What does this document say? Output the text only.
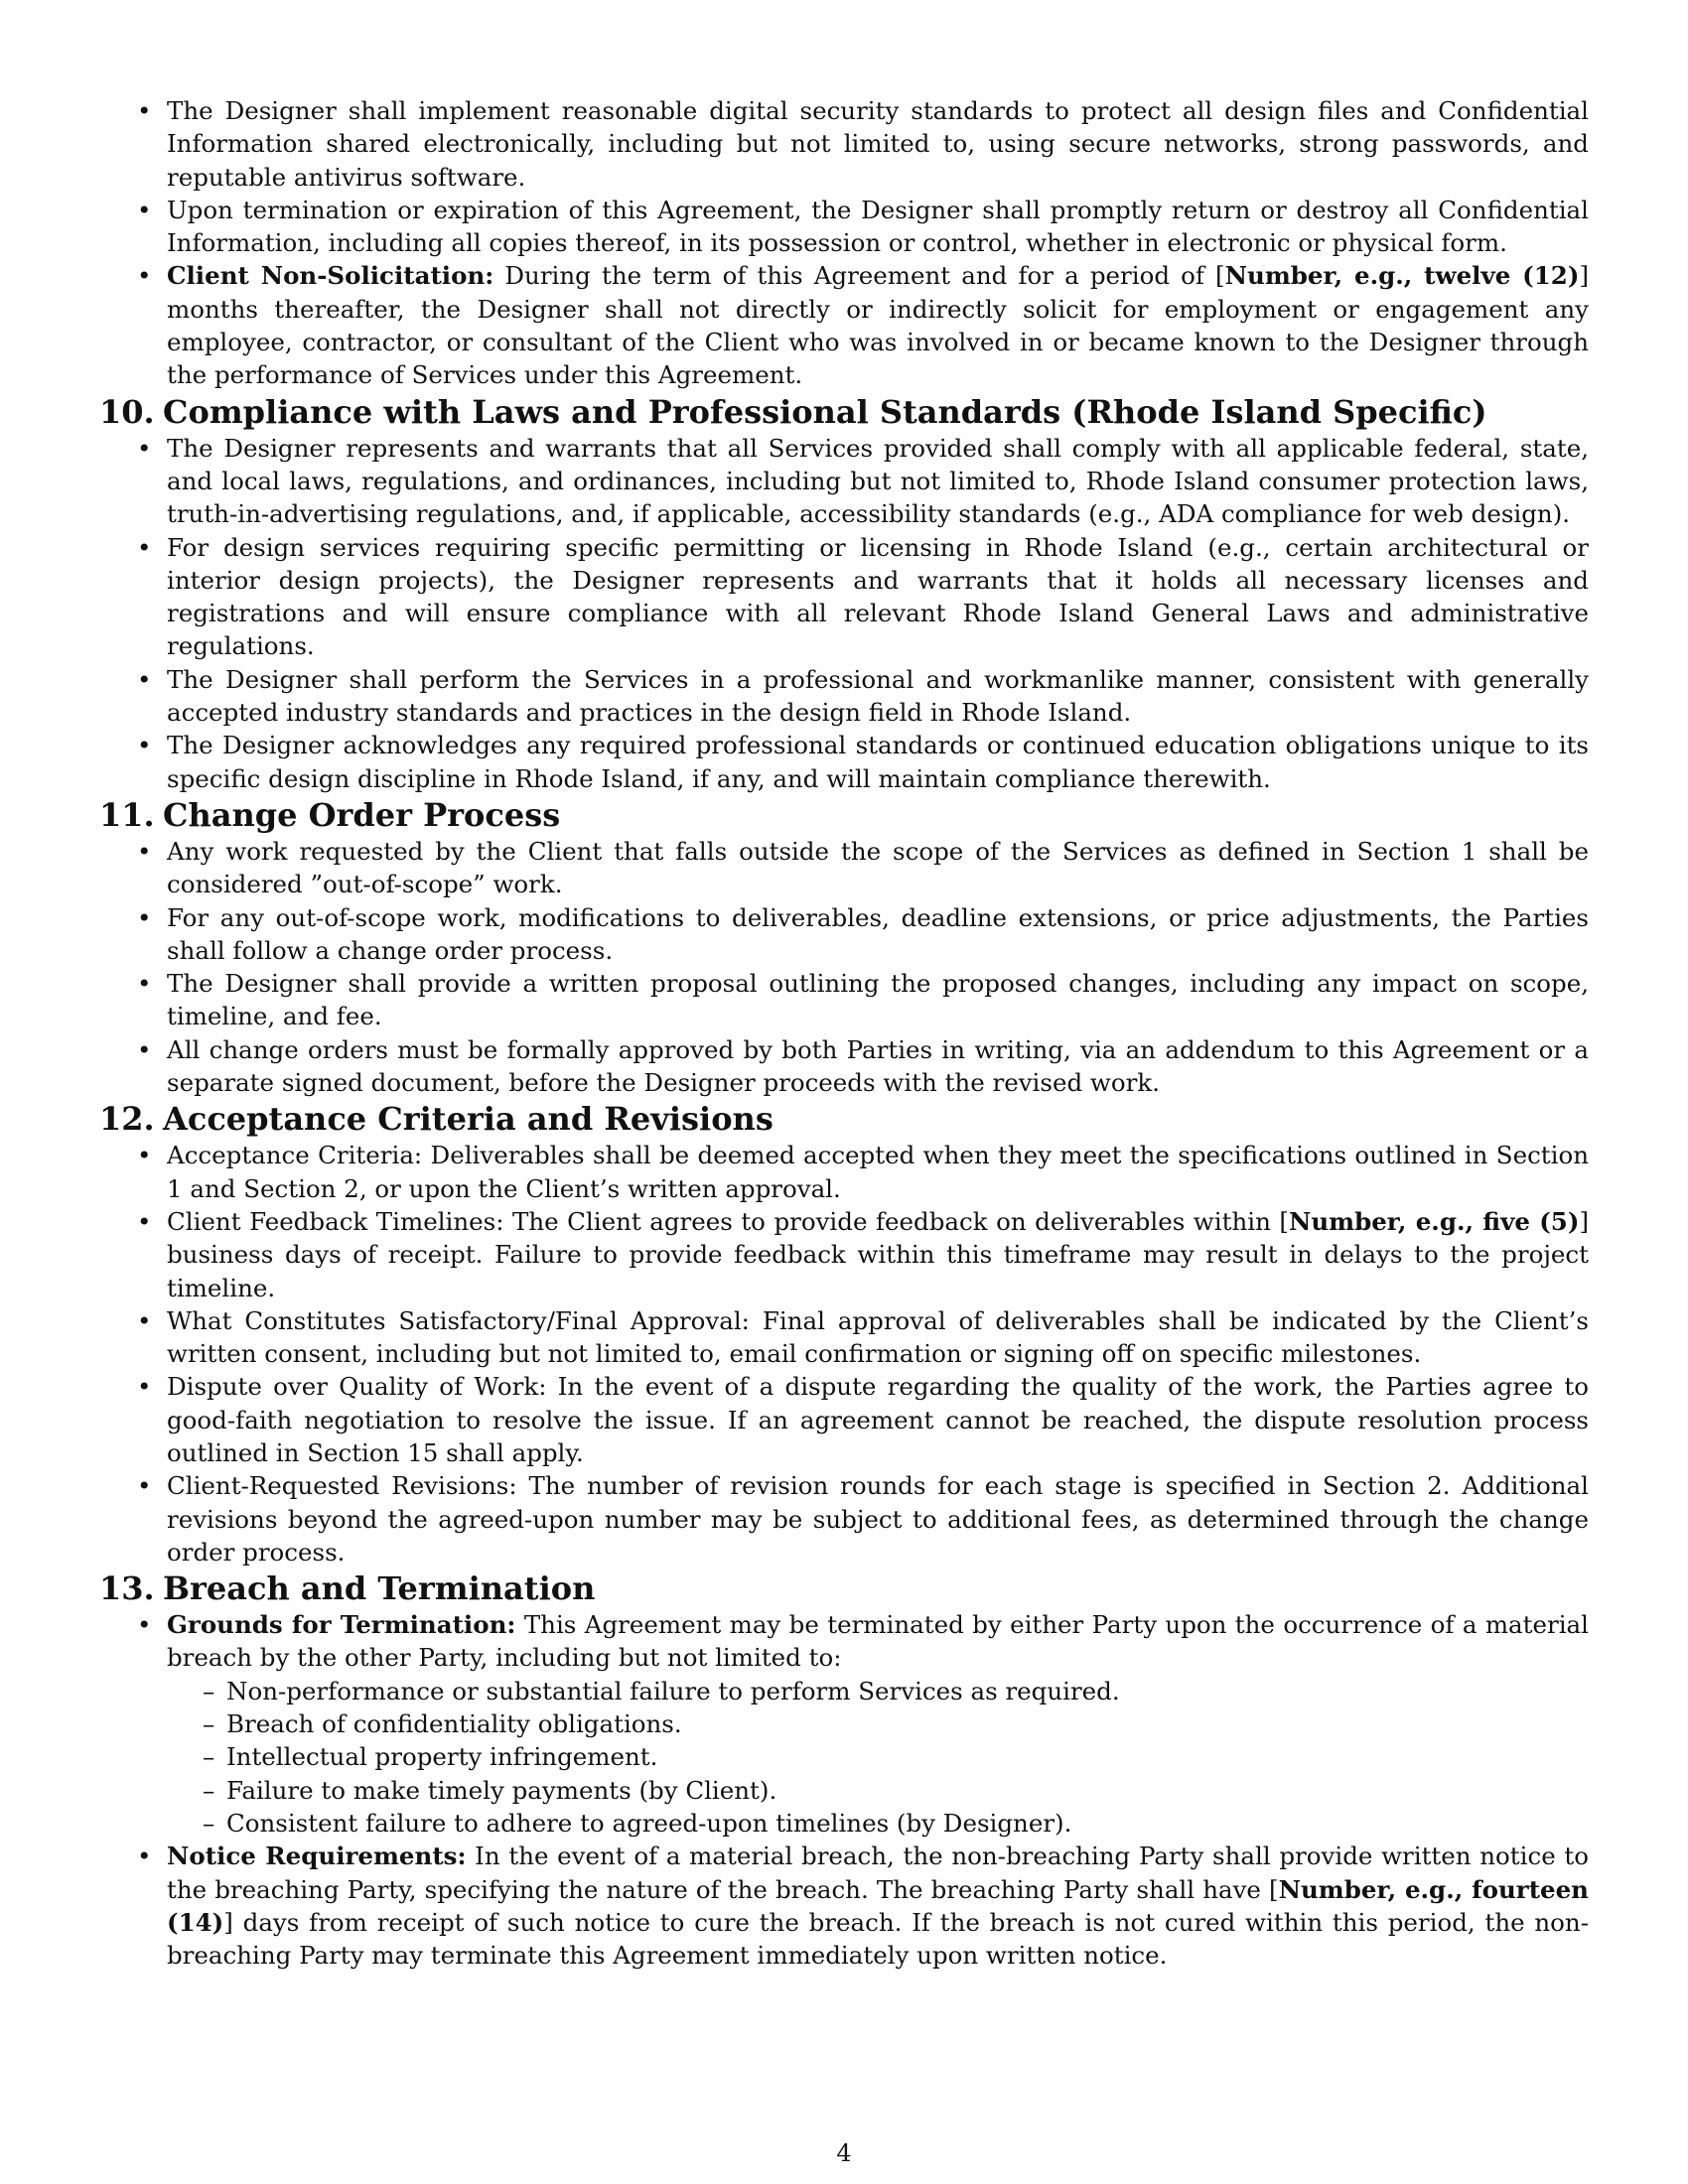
• The Designer shall implement reasonable digital security standards to protect all design files and Confidential Information shared electronically, including but not limited to, using secure networks, strong passwords, and reputable antivirus software.
• Upon termination or expiration of this Agreement, the Designer shall promptly return or destroy all Confidential Information, including all copies thereof, in its possession or control, whether in electronic or physical form.
• Client Non-Solicitation: During the term of this Agreement and for a period of [Number, e.g., twelve (12)] months thereafter, the Designer shall not directly or indirectly solicit for employment or engagement any employee, contractor, or consultant of the Client who was involved in or became known to the Designer through the performance of Services under this Agreement.
10. Compliance with Laws and Professional Standards (Rhode Island Specific)
• The Designer represents and warrants that all Services provided shall comply with all applicable federal, state, and local laws, regulations, and ordinances, including but not limited to, Rhode Island consumer protection laws, truth-in-advertising regulations, and, if applicable, accessibility standards (e.g., ADA compliance for web design).
• For design services requiring specific permitting or licensing in Rhode Island (e.g., certain architectural or interior design projects), the Designer represents and warrants that it holds all necessary licenses and registrations and will ensure compliance with all relevant Rhode Island General Laws and administrative regulations.
• The Designer shall perform the Services in a professional and workmanlike manner, consistent with generally accepted industry standards and practices in the design field in Rhode Island.
• The Designer acknowledges any required professional standards or continued education obligations unique to its specific design discipline in Rhode Island, if any, and will maintain compliance therewith.
11. Change Order Process
• Any work requested by the Client that falls outside the scope of the Services as defined in Section 1 shall be considered ”out-of-scope” work.
• For any out-of-scope work, modifications to deliverables, deadline extensions, or price adjustments, the Parties shall follow a change order process.
• The Designer shall provide a written proposal outlining the proposed changes, including any impact on scope, timeline, and fee.
• All change orders must be formally approved by both Parties in writing, via an addendum to this Agreement or a separate signed document, before the Designer proceeds with the revised work.
12. Acceptance Criteria and Revisions
• Acceptance Criteria: Deliverables shall be deemed accepted when they meet the specifications outlined in Section 1 and Section 2, or upon the Client’s written approval.
• Client Feedback Timelines: The Client agrees to provide feedback on deliverables within [Number, e.g., five (5)] business days of receipt. Failure to provide feedback within this timeframe may result in delays to the project timeline.
• What Constitutes Satisfactory/Final Approval: Final approval of deliverables shall be indicated by the Client’s written consent, including but not limited to, email confirmation or signing off on specific milestones.
• Dispute over Quality of Work: In the event of a dispute regarding the quality of the work, the Parties agree to good-faith negotiation to resolve the issue. If an agreement cannot be reached, the dispute resolution process outlined in Section 15 shall apply.
• Client-Requested Revisions: The number of revision rounds for each stage is specified in Section 2. Additional revisions beyond the agreed-upon number may be subject to additional fees, as determined through the change order process.
13. Breach and Termination
• Grounds for Termination: This Agreement may be terminated by either Party upon the occurrence of a material breach by the other Party, including but not limited to:
– Non-performance or substantial failure to perform Services as required.
– Breach of confidentiality obligations.
– Intellectual property infringement.
– Failure to make timely payments (by Client).
– Consistent failure to adhere to agreed-upon timelines (by Designer).
• Notice Requirements: In the event of a material breach, the non-breaching Party shall provide written notice to the breaching Party, specifying the nature of the breach. The breaching Party shall have [Number, e.g., fourteen (14)] days from receipt of such notice to cure the breach. If the breach is not cured within this period, the non-breaching Party may terminate this Agreement immediately upon written notice.
4
